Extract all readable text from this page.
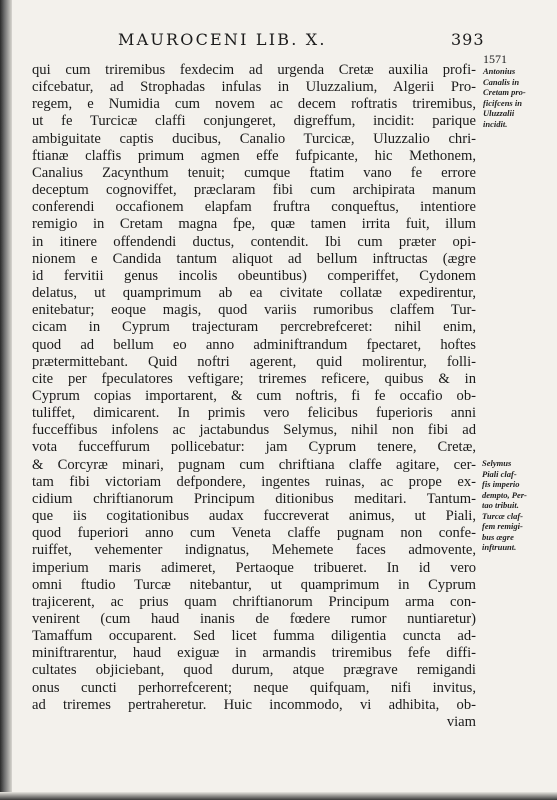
MAUROCENI LIB. X.	393
1571
Antonius
Canalis in
Cretam pro-
ficifcens in
Uluzzalii
incidit.
Selymus
Piali claf-
fis imperio
dempto, Per-
tao tribuit.
Turcæ claf-
fem remigi-
bus ægre
inftruunt.
qui cum triremibus fexdecim ad urgenda Cretæ auxilia profi-
cifcebatur, ad Strophadas infulas in Uluzzalium, Algerii Pro-
regem, e Numidia cum novem ac decem roftratis triremibus,
ut fe Turcicæ claffi conjungeret, digreffum, incidit: parique
ambiguitate captis ducibus, Canalio Turcicæ, Uluzzalio chri-
ftianæ claffis primum agmen effe fufpicante, hic Methonem,
Canalius Zacynthum tenuit; cumque ftatim vano fe errore
deceptum cognoviffet, præclaram fibi cum archipirata manum
conferendi occafionem elapfam fruftra conqueftus, intentiore
remigio in Cretam magna fpe, quæ tamen irrita fuit, illum
in itinere offendendi ductus, contendit. Ibi cum præter opi-
nionem e Candida tantum aliquot ad bellum inftructas (ægre
id fervitii genus incolis obeuntibus) comperiffet, Cydonem
delatus, ut quamprimum ab ea civitate collatæ expedirentur,
enitebatur; eoque magis, quod variis rumoribus claffem Tur-
cicam in Cyprum trajecturam percrebrefceret: nihil enim,
quod ad bellum eo anno adminiftrandum fpectaret, hoftes
prætermittebant. Quid noftri agerent, quid molirentur, folli-
cite per fpeculatores veftigare; triremes reficere, quibus & in
Cyprum copias importarent, & cum noftris, fi fe occafio ob-
tuliffet, dimicarent. In primis vero felicibus fuperioris anni
fucceffibus infolens ac jactabundus Selymus, nihil non fibi ad
vota fucceffurum pollicebatur: jam Cyprum tenere, Cretæ,
& Corcyræ minari, pugnam cum chriftiana claffe agitare, cer-
tam fibi victoriam defpondere, ingentes ruinas, ac prope ex-
cidium chriftianorum Principum ditionibus meditari. Tantum-
que iis cogitationibus audax fuccreverat animus, ut Piali,
quod fuperiori anno cum Veneta claffe pugnam non confe-
ruiffet, vehementer indignatus, Mehemete faces admovente,
imperium maris adimeret, Pertaoque tribueret. In id vero
omni ftudio Turcæ nitebantur, ut quamprimum in Cyprum
trajicerent, ac prius quam chriftianorum Principum arma con-
venirent (cum haud inanis de fœdere rumor nuntiaretur)
Tamaffum occuparent. Sed licet fumma diligentia cuncta ad-
miniftrarentur, haud exiguæ in armandis triremibus fefe diffi-
cultates objiciebant, quod durum, atque prægrave remigandi
onus cuncti perhorrefcerent; neque quifquam, nifi invitus,
ad triremes pertraheretur. Huic incommodo, vi adhibita, ob-
viam
